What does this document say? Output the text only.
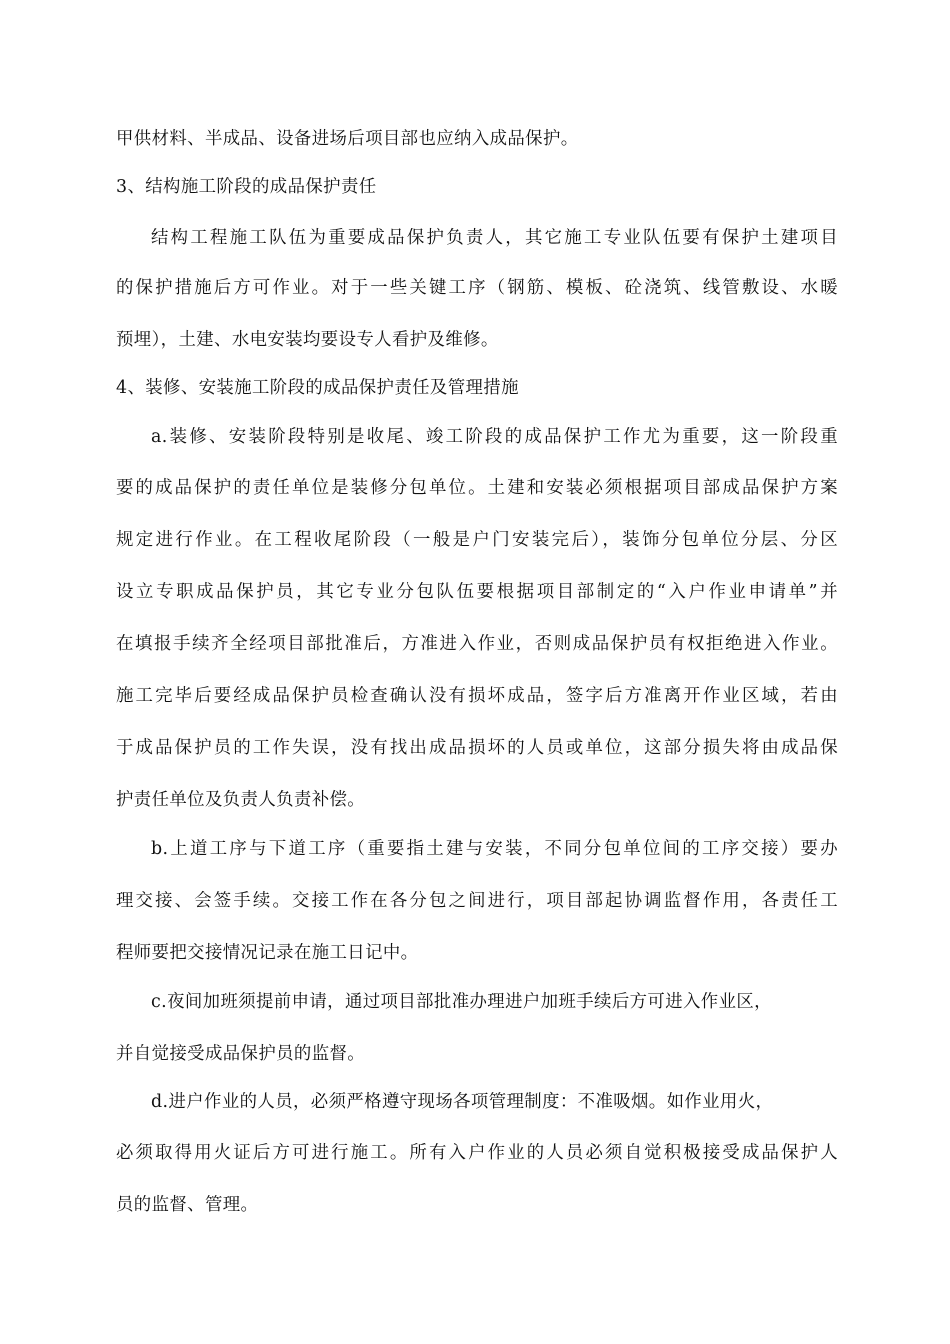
甲供材料、半成品、设备进场后项目部也应纳入成品保护。
3、结构施工阶段的成品保护责任
结构工程施工队伍为重要成品保护负责人，其它施工专业队伍要有保护土建项目
的保护措施后方可作业。对于一些关键工序（钢筋、模板、砼浇筑、线管敷设、水暖
预埋），土建、水电安装均要设专人看护及维修。
4、装修、安装施工阶段的成品保护责任及管理措施
a.装修、安装阶段特别是收尾、竣工阶段的成品保护工作尤为重要，这一阶段重
要的成品保护的责任单位是装修分包单位。土建和安装必须根据项目部成品保护方案
规定进行作业。在工程收尾阶段（一般是户门安装完后），装饰分包单位分层、分区
设立专职成品保护员，其它专业分包队伍要根据项目部制定的“入户作业申请单”并
在填报手续齐全经项目部批准后，方准进入作业，否则成品保护员有权拒绝进入作业。
施工完毕后要经成品保护员检查确认没有损坏成品，签字后方准离开作业区域，若由
于成品保护员的工作失误，没有找出成品损坏的人员或单位，这部分损失将由成品保
护责任单位及负责人负责补偿。
b.上道工序与下道工序（重要指土建与安装，不同分包单位间的工序交接）要办
理交接、会签手续。交接工作在各分包之间进行，项目部起协调监督作用，各责任工
程师要把交接情况记录在施工日记中。
c.夜间加班须提前申请，通过项目部批准办理进户加班手续后方可进入作业区，
并自觉接受成品保护员的监督。
d.进户作业的人员，必须严格遵守现场各项管理制度：不准吸烟。如作业用火，
必须取得用火证后方可进行施工。所有入户作业的人员必须自觉积极接受成品保护人
员的监督、管理。
